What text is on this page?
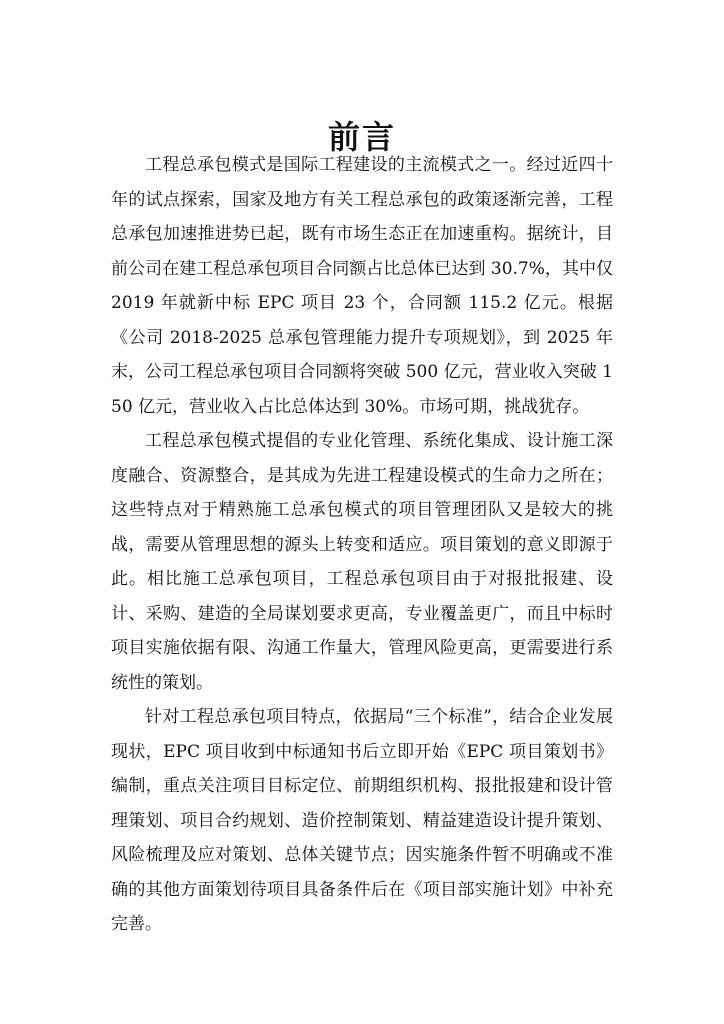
前言

工程总承包模式是国际工程建设的主流模式之一。经过近四十年的试点探索，国家及地方有关工程总承包的政策逐渐完善，工程总承包加速推进势已起，既有市场生态正在加速重构。据统计，目前公司在建工程总承包项目合同额占比总体已达到 30.7%，其中仅 2019 年就新中标 EPC 项目 23 个，合同额 115.2 亿元。根据《公司 2018-2025 总承包管理能力提升专项规划》，到 2025 年末，公司工程总承包项目合同额将突破 500 亿元，营业收入突破 150 亿元，营业收入占比总体达到 30%。市场可期，挑战犹存。

工程总承包模式提倡的专业化管理、系统化集成、设计施工深度融合、资源整合，是其成为先进工程建设模式的生命力之所在；这些特点对于精熟施工总承包模式的项目管理团队又是较大的挑战，需要从管理思想的源头上转变和适应。项目策划的意义即源于此。相比施工总承包项目，工程总承包项目由于对报批报建、设计、采购、建造的全局谋划要求更高，专业覆盖更广，而且中标时项目实施依据有限、沟通工作量大，管理风险更高，更需要进行系统性的策划。

针对工程总承包项目特点，依据局“三个标准”，结合企业发展现状，EPC 项目收到中标通知书后立即开始《EPC 项目策划书》编制，重点关注项目目标定位、前期组织机构、报批报建和设计管理策划、项目合约规划、造价控制策划、精益建造设计提升策划、风险梳理及应对策划、总体关键节点；因实施条件暂不明确或不准确的其他方面策划待项目具备条件后在《项目部实施计划》中补充完善。
